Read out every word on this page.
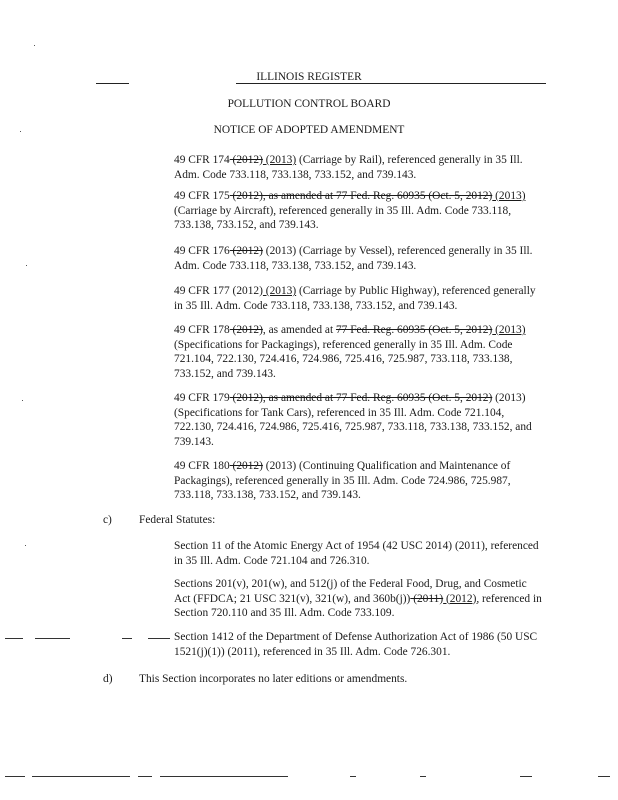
ILLINOIS REGISTER
POLLUTION CONTROL BOARD
NOTICE OF ADOPTED AMENDMENT
49 CFR 174 (2012) (2013) (Carriage by Rail), referenced generally in 35 Ill. Adm. Code 733.118, 733.138, 733.152, and 739.143.
49 CFR 175 (2012), as amended at 77 Fed. Reg. 60935 (Oct. 5, 2012) (2013) (Carriage by Aircraft), referenced generally in 35 Ill. Adm. Code 733.118, 733.138, 733.152, and 739.143.
49 CFR 176 (2012) (2013) (Carriage by Vessel), referenced generally in 35 Ill. Adm. Code 733.118, 733.138, 733.152, and 739.143.
49 CFR 177 (2012) (2013) (Carriage by Public Highway), referenced generally in 35 Ill. Adm. Code 733.118, 733.138, 733.152, and 739.143.
49 CFR 178 (2012), as amended at 77 Fed. Reg. 60935 (Oct. 5, 2012) (2013) (Specifications for Packagings), referenced generally in 35 Ill. Adm. Code 721.104, 722.130, 724.416, 724.986, 725.416, 725.987, 733.118, 733.138, 733.152, and 739.143.
49 CFR 179 (2012), as amended at 77 Fed. Reg. 60935 (Oct. 5, 2012) (2013) (Specifications for Tank Cars), referenced in 35 Ill. Adm. Code 721.104, 722.130, 724.416, 724.986, 725.416, 725.987, 733.118, 733.138, 733.152, and 739.143.
49 CFR 180 (2012) (2013) (Continuing Qualification and Maintenance of Packagings), referenced generally in 35 Ill. Adm. Code 724.986, 725.987, 733.118, 733.138, 733.152, and 739.143.
c) Federal Statutes:
Section 11 of the Atomic Energy Act of 1954 (42 USC 2014) (2011), referenced in 35 Ill. Adm. Code 721.104 and 726.310.
Sections 201(v), 201(w), and 512(j) of the Federal Food, Drug, and Cosmetic Act (FFDCA; 21 USC 321(v), 321(w), and 360b(j)) (2011) (2012), referenced in Section 720.110 and 35 Ill. Adm. Code 733.109.
Section 1412 of the Department of Defense Authorization Act of 1986 (50 USC 1521(j)(1)) (2011), referenced in 35 Ill. Adm. Code 726.301.
d) This Section incorporates no later editions or amendments.
